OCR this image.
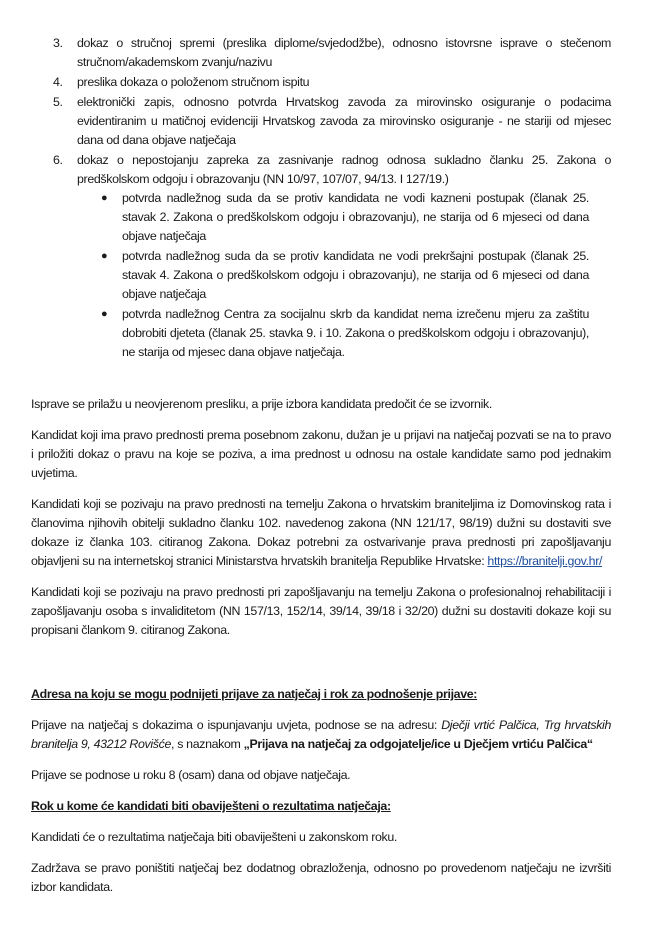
3. dokaz o stručnoj spremi (preslika diplome/svjedodžbe), odnosno istovrsne isprave o stečenom stručnom/akademskom zvanju/nazivu
4. preslika dokaza o položenom stručnom ispitu
5. elektronički zapis, odnosno potvrda Hrvatskog zavoda za mirovinsko osiguranje o podacima evidentiranim u matičnoj evidenciji Hrvatskog zavoda za mirovinsko osiguranje - ne stariji od mjesec dana od dana objave natječaja
6. dokaz o nepostojanju zapreka za zasnivanje radnog odnosa sukladno članku 25. Zakona o predškolskom odgoju i obrazovanju (NN 10/97, 107/07, 94/13. I 127/19.)
● potvrda nadležnog suda da se protiv kandidata ne vodi kazneni postupak (članak 25. stavak 2. Zakona o predškolskom odgoju i obrazovanju), ne starija od 6 mjeseci od dana objave natječaja
● potvrda nadležnog suda da se protiv kandidata ne vodi prekršajni postupak (članak 25. stavak 4. Zakona o predškolskom odgoju i obrazovanju), ne starija od 6 mjeseci od dana objave natječaja
● potvrda nadležnog Centra za socijalnu skrb da kandidat nema izrečenu mjeru za zaštitu dobrobiti djeteta (članak 25. stavka 9. i 10. Zakona o predškolskom odgoju i obrazovanju), ne starija od mjesec dana objave natječaja.

Isprave se prilažu u neovjerenom presliku, a prije izbora kandidata predočit će se izvornik.

Kandidat koji ima pravo prednosti prema posebnom zakonu, dužan je u prijavi na natječaj pozvati se na to pravo i priložiti dokaz o pravu na koje se poziva, a ima prednost u odnosu na ostale kandidate samo pod jednakim uvjetima.

Kandidati koji se pozivaju na pravo prednosti na temelju Zakona o hrvatskim braniteljima iz Domovinskog rata i članovima njihovih obitelji sukladno članku 102. navedenog zakona (NN 121/17, 98/19) dužni su dostaviti sve dokaze iz članka 103. citiranog Zakona. Dokaz potrebni za ostvarivanje prava prednosti pri zapošljavanju objavljeni su na internetskoj stranici Ministarstva hrvatskih branitelja Republike Hrvatske: https://branitelji.gov.hr/

Kandidati koji se pozivaju na pravo prednosti pri zapošljavanju na temelju Zakona o profesionalnoj rehabilitaciji i zapošljavanju osoba s invaliditetom (NN 157/13, 152/14, 39/14, 39/18 i 32/20) dužni su dostaviti dokaze koji su propisani člankom 9. citiranog Zakona.

Adresa na koju se mogu podnijeti prijave za natječaj i rok za podnošenje prijave:

Prijave na natječaj s dokazima o ispunjavanju uvjeta, podnose se na adresu: Dječji vrtić Palčica, Trg hrvatskih branitelja 9, 43212 Rovišće, s naznakom „Prijava na natječaj za odgojatelje/ice u Dječjem vrtiću Palčica“

Prijave se podnose u roku 8 (osam) dana od objave natječaja.

Rok u kome će kandidati biti obaviješteni o rezultatima natječaja:

Kandidati će o rezultatima natječaja biti obaviješteni u zakonskom roku.

Zadržava se pravo poništiti natječaj bez dodatnog obrazloženja, odnosno po provedenom natječaju ne izvršiti izbor kandidata.
